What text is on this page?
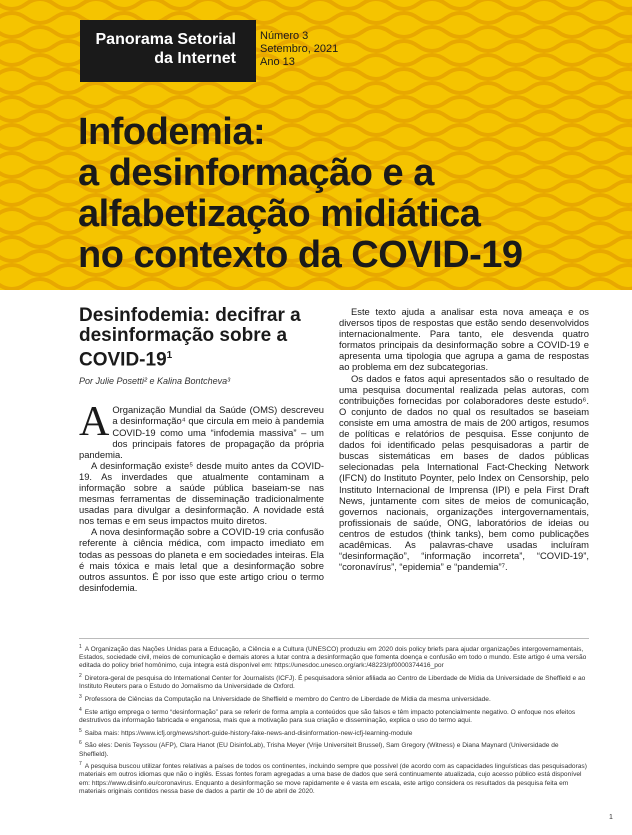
Panorama Setorial
da Internet
Número 3
Setembro, 2021
Ano 13
Infodemia:
a desinformação e a
alfabetização midiática
no contexto da COVID-19
Desinfodemia: decifrar a desinformação sobre a COVID-$19^1$
Por Julie Posetti² e Kalina Bontcheva³

A Organização Mundial da Saúde (OMS) descreveu a desinformação⁴ que circula em meio à pandemia COVID-19 como uma “infodemia massiva” – um dos principais fatores de propagação da própria pandemia.

A desinformação existe⁵ desde muito antes da COVID-19. As inverdades que atualmente contaminam a informação sobre a saúde pública baseiam-se nas mesmas ferramentas de disseminação tradicionalmente usadas para divulgar a desinformação. A novidade está nos temas e em seus impactos muito diretos.

A nova desinformação sobre a COVID-19 cria confusão referente à ciência médica, com impacto imediato em todas as pessoas do planeta e em sociedades inteiras. Ela é mais tóxica e mais letal que a desinformação sobre outros assuntos. É por isso que este artigo criou o termo desinfodemia.

Este texto ajuda a analisar esta nova ameaça e os diversos tipos de respostas que estão sendo desenvolvidos internacionalmente. Para tanto, ele desvenda quatro formatos principais da desinformação sobre a COVID-19 e apresenta uma tipologia que agrupa a gama de respostas ao problema em dez subcategorias.

Os dados e fatos aqui apresentados são o resultado de uma pesquisa documental realizada pelas autoras, com contribuições fornecidas por colaboradores deste estudo⁶. O conjunto de dados no qual os resultados se baseiam consiste em uma amostra de mais de 200 artigos, resumos de políticas e relatórios de pesquisa. Esse conjunto de dados foi identificado pelas pesquisadoras a partir de buscas sistemáticas em bases de dados públicas selecionadas pela International Fact-Checking Network (IFCN) do Instituto Poynter, pelo Index on Censorship, pelo Instituto Internacional de Imprensa (IPI) e pela First Draft News, juntamente com sites de meios de comunicação, governos nacionais, organizações intergovernamentais, profissionais de saúde, ONG, laboratórios de ideias ou centros de estudos (think tanks), bem como publicações acadêmicas. As palavras-chave usadas incluíram “desinformação”, “informação incorreta”, “COVID-19”, “coronavírus”, “epidemia” e “pandemia”⁷.

$^1$ A Organização das Nações Unidas para a Educação, a Ciência e a Cultura (UNESCO) produziu em 2020 dois policy briefs para ajudar organizações intergovernamentais, Estados, sociedade civil, meios de comunicação e demais atores a lutar contra a desinformação que fomenta doença e confusão em todo o mundo. Este artigo é uma versão editada do policy brief homônimo, cuja íntegra está disponível em: https://unesdoc.unesco.org/ark:/48223/pf0000374416_por

$^2$ Diretora-geral de pesquisa do International Center for Journalists (ICFJ). É pesquisadora sênior afiliada ao Centro de Liberdade de Mídia da Universidade de Sheffield e ao Instituto Reuters para o Estudo do Jornalismo da Universidade de Oxford.

$^3$ Professora de Ciências da Computação na Universidade de Sheffield e membro do Centro de Liberdade de Mídia da mesma universidade.

$^4$ Este artigo emprega o termo “desinformação” para se referir de forma ampla a conteúdos que são falsos e têm impacto potencialmente negativo. O enfoque nos efeitos destrutivos da informação fabricada e enganosa, mais que a motivação para sua criação e disseminação, explica o uso do termo aqui.

$^5$ Saiba mais: https://www.icfj.org/news/short-guide-history-fake-news-and-disinformation-new-icfj-learning-module

$^6$ São eles: Denis Teyssou (AFP), Clara Hanot (EU DisinfoLab), Trisha Meyer (Vrije Universiteit Brussel), Sam Gregory (Witness) e Diana Maynard (Universidade de Sheffield).

$^7$ A pesquisa buscou utilizar fontes relativas a países de todos os continentes, incluindo sempre que possível (de acordo com as capacidades linguísticas das pesquisadoras) materiais em outros idiomas que não o inglês. Essas fontes foram agregadas a uma base de dados que será continuamente atualizada, cujo acesso público está disponível em: https://www.disinfo.eu/coronavirus. Enquanto a desinformação se move rapidamente e é vasta em escala, este artigo considera os resultados da pesquisa feita em materiais originais contidos nessa base de dados a partir de 10 de abril de 2020.

1
